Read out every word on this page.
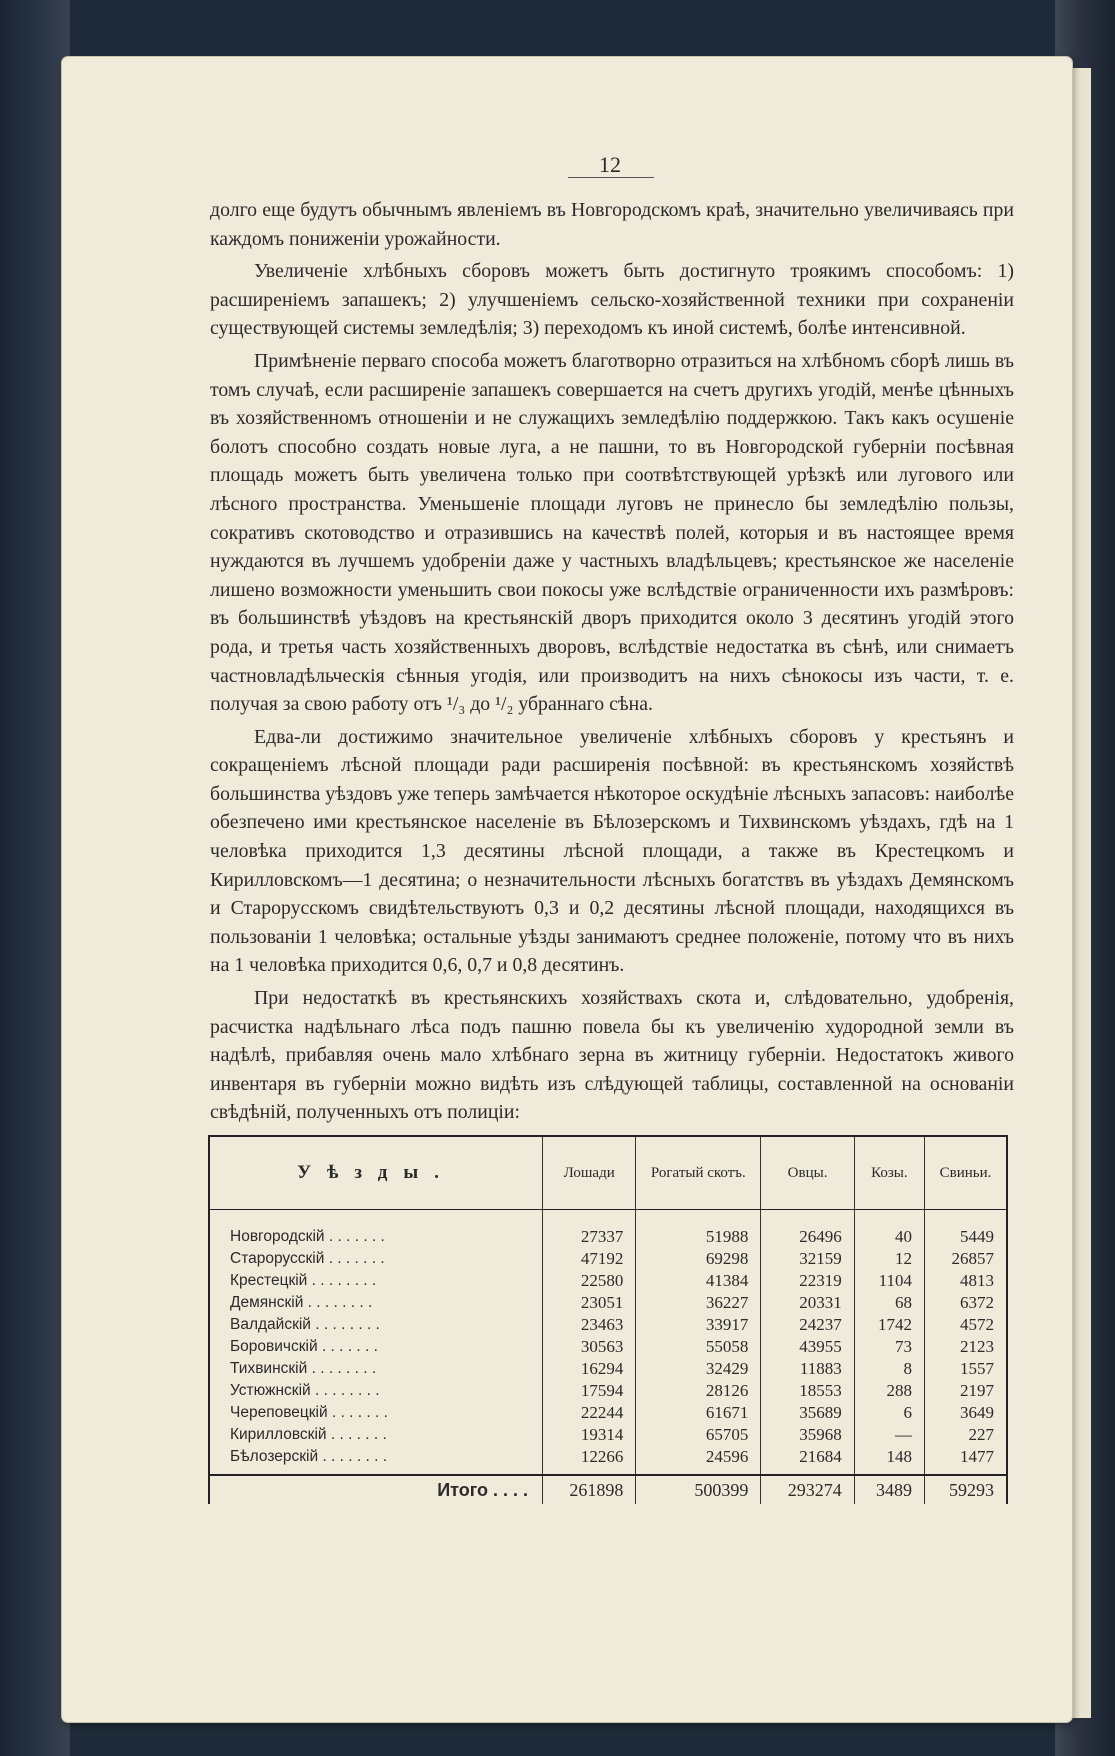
12

долго еще будутъ обычнымъ явленіемъ въ Новгородскомъ краѣ, значительно увеличиваясь при каждомъ пониженіи урожайности.

Увеличеніе хлѣбныхъ сборовъ можетъ быть достигнуто троякимъ способомъ: 1) расширеніемъ запашекъ; 2) улучшеніемъ сельско-хозяйственной техники при сохраненіи существующей системы земледѣлія; 3) переходомъ къ иной системѣ, болѣе интенсивной.

Примѣненіе перваго способа можетъ благотворно отразиться на хлѣбномъ сборѣ лишь въ томъ случаѣ, если расширеніе запашекъ совершается на счетъ другихъ угодій, менѣе цѣнныхъ въ хозяйственномъ отношеніи и не служащихъ земледѣлію поддержкою. Такъ какъ осушеніе болотъ способно создать новые луга, а не пашни, то въ Новгородской губерніи посѣвная площадь можетъ быть увеличена только при соотвѣтствующей урѣзкѣ или лугового или лѣсного пространства. Уменьшеніе площади луговъ не принесло бы земледѣлію пользы, сокративъ скотоводство и отразившись на качествѣ полей, которыя и въ настоящее время нуждаются въ лучшемъ удобреніи даже у частныхъ владѣльцевъ; крестьянское же населеніе лишено возможности уменьшить свои покосы уже вслѣдствіе ограниченности ихъ размѣровъ: въ большинствѣ уѣздовъ на крестьянскій дворъ приходится около 3 десятинъ угодій этого рода, и третья часть хозяйственныхъ дворовъ, вслѣдствіе недостатка въ сѣнѣ, или снимаетъ частновладѣльческія сѣнныя угодія, или производитъ на нихъ сѣнокосы изъ части, т. е. получая за свою работу отъ ¹/₃ до ¹/₂ убраннаго сѣна.

Едва-ли достижимо значительное увеличеніе хлѣбныхъ сборовъ у крестьянъ и сокращеніемъ лѣсной площади ради расширенія посѣвной: въ крестьянскомъ хозяйствѣ большинства уѣздовъ уже теперь замѣчается нѣкоторое оскудѣніе лѣсныхъ запасовъ: наиболѣе обезпечено ими крестьянское населеніе въ Бѣлозерскомъ и Тихвинскомъ уѣздахъ, гдѣ на 1 человѣка приходится 1,3 десятины лѣсной площади, а также въ Крестецкомъ и Кирилловскомъ—1 десятина; о незначительности лѣсныхъ богатствъ въ уѣздахъ Демянскомъ и Старорусскомъ свидѣтельствуютъ 0,3 и 0,2 десятины лѣсной площади, находящихся въ пользованіи 1 человѣка; остальные уѣзды занимаютъ среднее положеніе, потому что въ нихъ на 1 человѣка приходится 0,6, 0,7 и 0,8 десятинъ.

При недостаткѣ въ крестьянскихъ хозяйствахъ скота и, слѣдовательно, удобренія, расчистка надѣльнаго лѣса подъ пашню повела бы къ увеличенію худородной земли въ надѣлѣ, прибавляя очень мало хлѣбнаго зерна въ житницу губерніи. Недостатокъ живого инвентаря въ губерніи можно видѣть изъ слѣдующей таблицы, составленной на основаніи свѣдѣній, полученныхъ отъ полиціи:

Уѣзды.	Лошади	Рогатый скотъ.	Овцы.	Козы.	Свиньи.

Новгородскій . . . . . . .	27337	51988	26496	40	5449
Старорусскій . . . . . . .	47192	69298	32159	12	26857
Крестецкій . . . . . . . .	22580	41384	22319	1104	4813
Демянскій . . . . . . . .	23051	36227	20331	68	6372
Валдайскій . . . . . . . .	23463	33917	24237	1742	4572
Боровичскій . . . . . . .	30563	55058	43955	73	2123
Тихвинскій . . . . . . . .	16294	32429	11883	8	1557
Устюжнскій . . . . . . . .	17594	28126	18553	288	2197
Череповецкій . . . . . . .	22244	61671	35689	6	3649
Кирилловскій . . . . . . .	19314	65705	35968	—	227
Бѣлозерскій . . . . . . . .	12266	24596	21684	148	1477
Итого . . . .	261898	500399	293274	3489	59293
